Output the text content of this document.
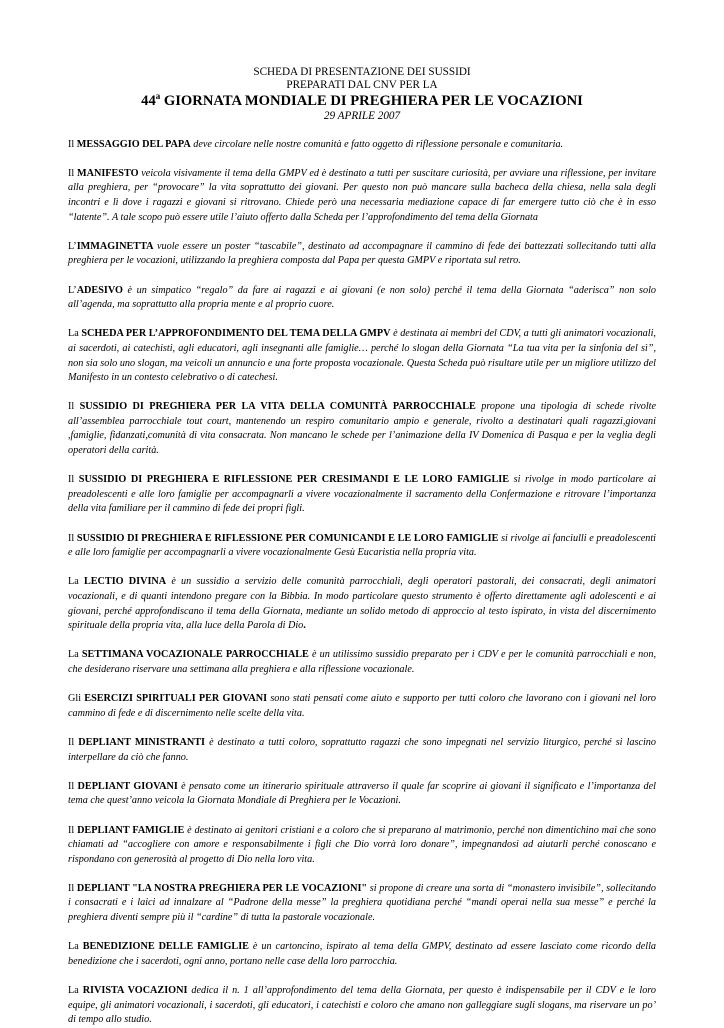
SCHEDA DI PRESENTAZIONE DEI SUSSIDI
PREPARATI DAL CNV PER LA
44$^a$ GIORNATA MONDIALE DI PREGHIERA PER LE VOCAZIONI
29 APRILE 2007

Il MESSAGGIO DEL PAPA deve circolare nelle nostre comunità e fatto oggetto di riflessione personale e comunitaria.

Il MANIFESTO veicola visivamente il tema della GMPV ed è destinato a tutti per suscitare curiosità, per avviare una riflessione, per invitare alla preghiera, per “provocare” la vita soprattutto dei giovani. Per questo non può mancare sulla bacheca della chiesa, nella sala degli incontri e lì dove i ragazzi e giovani si ritrovano. Chiede però una necessaria mediazione capace di far emergere tutto ciò che è in esso “latente”. A tale scopo può essere utile l’aiuto offerto dalla Scheda per l’approfondimento del tema della Giornata

L’IMMAGINETTA vuole essere un poster “tascabile”, destinato ad accompagnare il cammino di fede dei battezzati sollecitando tutti alla preghiera per le vocazioni, utilizzando la preghiera composta dal Papa per questa GMPV e riportata sul retro.

L’ADESIVO è un simpatico “regalo” da fare ai ragazzi e ai giovani (e non solo) perché il tema della Giornata “aderisca” non solo all’agenda, ma soprattutto alla propria mente e al proprio cuore.

La SCHEDA PER L’APPROFONDIMENTO DEL TEMA DELLA GMPV è destinata ai membri del CDV, a tutti gli animatori vocazionali, ai sacerdoti, ai catechisti, agli educatori, agli insegnanti alle famiglie… perché lo slogan della Giornata “La tua vita per la sinfonia del sì”, non sia solo uno slogan, ma veicoli un annuncio e una forte proposta vocazionale. Questa Scheda può risultare utile per un migliore utilizzo del Manifesto in un contesto celebrativo o di catechesi.

Il SUSSIDIO DI PREGHIERA PER LA VITA DELLA COMUNITÀ PARROCCHIALE propone una tipologia di schede rivolte all’assemblea parrocchiale tout court, mantenendo un respiro comunitario ampio e generale, rivolto a destinatari quali ragazzi,giovani ,famiglie, fidanzati,comunità di vita consacrata. Non mancano le schede per l’animazione della IV Domenica di Pasqua e per la veglia degli operatori della carità.

Il SUSSIDIO DI PREGHIERA E RIFLESSIONE PER CRESIMANDI E LE LORO FAMIGLIE si rivolge in modo particolare ai preadolescenti e alle loro famiglie per accompagnarli a vivere vocazionalmente il sacramento della Confermazione e ritrovare l’importanza della vita familiare per il cammino di fede dei propri figli.

Il SUSSIDIO DI PREGHIERA E RIFLESSIONE PER COMUNICANDI E LE LORO FAMIGLIE si rivolge ai fanciulli e preadolescenti e alle loro famiglie per accompagnarli a vivere vocazionalmente Gesù Eucaristia nella propria vita.

La LECTIO DIVINA è un sussidio a servizio delle comunità parrocchiali, degli operatori pastorali, dei consacrati, degli animatori vocazionali, e di quanti intendono pregare con la Bibbia. In modo particolare questo strumento è offerto direttamente agli adolescenti e ai giovani, perché approfondiscano il tema della Giornata, mediante un solido metodo di approccio al testo ispirato, in vista del discernimento spirituale della propria vita, alla luce della Parola di Dio.

La SETTIMANA VOCAZIONALE PARROCCHIALE è un utilissimo sussidio preparato per i CDV e per le comunità parrocchiali e non, che desiderano riservare una settimana alla preghiera e alla riflessione vocazionale.

Gli ESERCIZI SPIRITUALI PER GIOVANI sono stati pensati come aiuto e supporto per tutti coloro che lavorano con i giovani nel loro cammino di fede e di discernimento nelle scelte della vita.

Il DEPLIANT MINISTRANTI è destinato a tutti coloro, soprattutto ragazzi che sono impegnati nel servizio liturgico, perché si lascino interpellare da ciò che fanno.

Il DEPLIANT GIOVANI è pensato come un itinerario spirituale attraverso il quale far scoprire ai giovani il significato e l’importanza del tema che quest’anno veicola la Giornata Mondiale di Preghiera per le Vocazioni.

Il DEPLIANT FAMIGLIE è destinato ai genitori cristiani e a coloro che si preparano al matrimonio, perché non dimentichino mai che sono chiamati ad “accogliere con amore e responsabilmente i figli che Dio vorrà loro donare”, impegnandosi ad aiutarli perché conoscano e rispondano con generosità al progetto di Dio nella loro vita.

Il DEPLIANT "LA NOSTRA PREGHIERA PER LE VOCAZIONI" si propone di creare una sorta di “monastero invisibile”, sollecitando i consacrati e i laici ad innalzare al “Padrone della messe” la preghiera quotidiana perché “mandi operai nella sua messe” e perché la preghiera diventi sempre più il “cardine” di tutta la pastorale vocazionale.

La BENEDIZIONE DELLE FAMIGLIE è un cartoncino, ispirato al tema della GMPV, destinato ad essere lasciato come ricordo della benedizione che i sacerdoti, ogni anno, portano nelle case della loro parrocchia.

La RIVISTA VOCAZIONI dedica il n. 1 all’approfondimento del tema della Giornata, per questo è indispensabile per il CDV e le loro equipe, gli animatori vocazionali, i sacerdoti, gli educatori, i catechisti e coloro che amano non galleggiare sugli slogans, ma riservare un po’ di tempo allo studio.
